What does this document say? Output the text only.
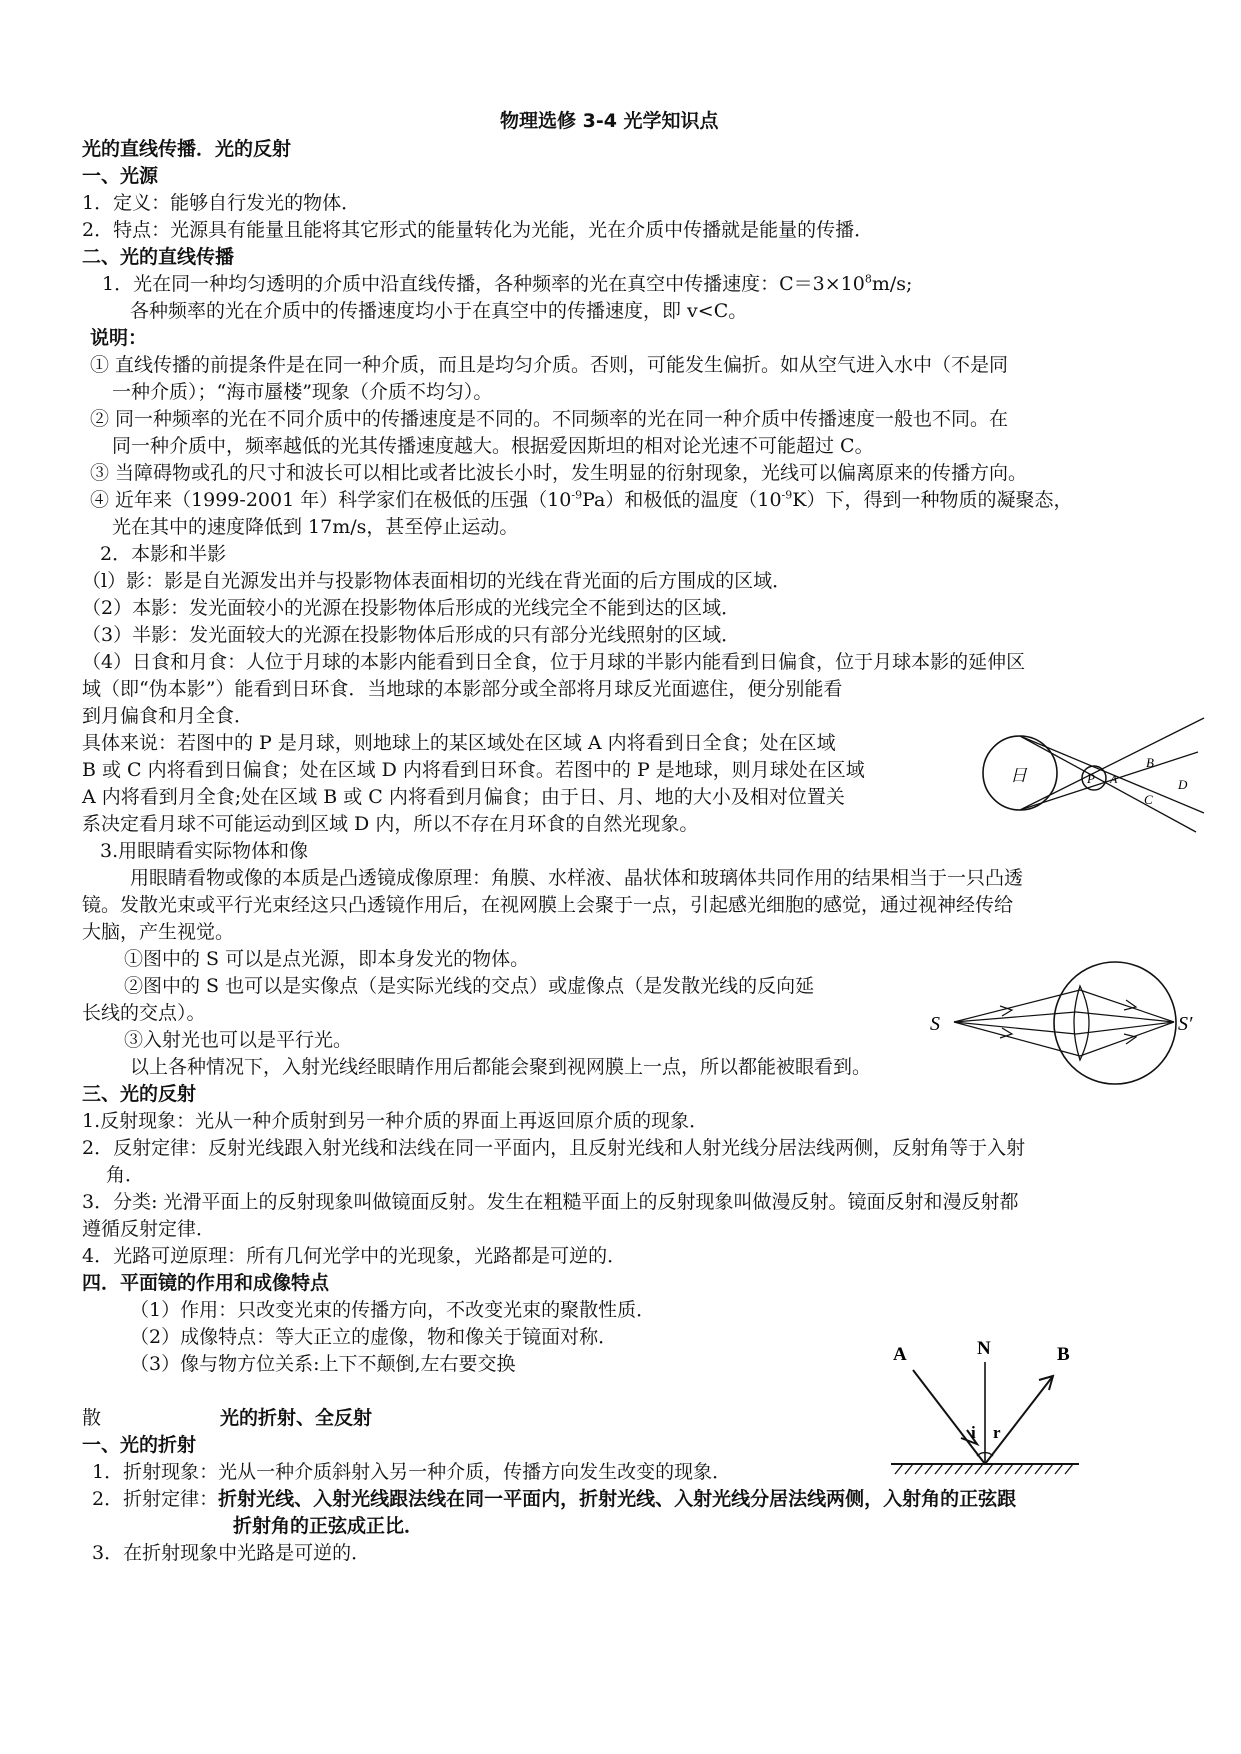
物理选修 3-4 光学知识点
光的直线传播．光的反射
一、光源
1．定义：能够自行发光的物体．
2．特点：光源具有能量且能将其它形式的能量转化为光能，光在介质中传播就是能量的传播．
二、光的直线传播
1．光在同一种均匀透明的介质中沿直线传播，各种频率的光在真空中传播速度：$C=3\times 10^8m/s$;
各种频率的光在介质中的传播速度均小于在真空中的传播速度，即 v<C。
说明：
① 直线传播的前提条件是在同一种介质，而且是均匀介质。否则，可能发生偏折。如从空气进入水中（不是同
一种介质）；“海市蜃楼”现象（介质不均匀）。
② 同一种频率的光在不同介质中的传播速度是不同的。不同频率的光在同一种介质中传播速度一般也不同。在
同一种介质中，频率越低的光其传播速度越大。根据爱因斯坦的相对论光速不可能超过 C。
③ 当障碍物或孔的尺寸和波长可以相比或者比波长小时，发生明显的衍射现象，光线可以偏离原来的传播方向。
④ 近年来（1999-2001 年）科学家们在极低的压强$(10^{-9}Pa)$和极低的温度$(10^{-9}K)$下，得到一种物质的凝聚态，
光在其中的速度降低到 17m/s，甚至停止运动。
2．本影和半影
（l）影：影是自光源发出并与投影物体表面相切的光线在背光面的后方围成的区域．
（2）本影：发光面较小的光源在投影物体后形成的光线完全不能到达的区域．
（3）半影：发光面较大的光源在投影物体后形成的只有部分光线照射的区域．
（4）日食和月食：人位于月球的本影内能看到日全食，位于月球的半影内能看到日偏食，位于月球本影的延伸区
域（即“伪本影”）能看到日环食．当地球的本影部分或全部将月球反光面遮住，便分别能看
到月偏食和月全食．
具体来说：若图中的 P 是月球，则地球上的某区域处在区域 A 内将看到日全食；处在区域
B 或 C 内将看到日偏食；处在区域 D 内将看到日环食。若图中的 P 是地球，则月球处在区域
A 内将看到月全食;处在区域 B 或 C 内将看到月偏食；由于日、月、地的大小及相对位置关
系决定看月球不可能运动到区域 D 内，所以不存在月环食的自然光现象。
3.用眼睛看实际物体和像
用眼睛看物或像的本质是凸透镜成像原理：角膜、水样液、晶状体和玻璃体共同作用的结果相当于一只凸透
镜。发散光束或平行光束经这只凸透镜作用后，在视网膜上会聚于一点，引起感光细胞的感觉，通过视神经传给
大脑，产生视觉。
①图中的 S 可以是点光源，即本身发光的物体。
②图中的 S 也可以是实像点（是实际光线的交点）或虚像点（是发散光线的反向延
长线的交点）。
③入射光也可以是平行光。
以上各种情况下，入射光线经眼睛作用后都能会聚到视网膜上一点，所以都能被眼看到。
三、光的反射
1.反射现象：光从一种介质射到另一种介质的界面上再返回原介质的现象．
2．反射定律：反射光线跟入射光线和法线在同一平面内，且反射光线和人射光线分居法线两侧，反射角等于入射
角．
3．分类: 光滑平面上的反射现象叫做镜面反射。发生在粗糙平面上的反射现象叫做漫反射。镜面反射和漫反射都
遵循反射定律．
4．光路可逆原理：所有几何光学中的光现象，光路都是可逆的．
四．平面镜的作用和成像特点
（1）作用：只改变光束的传播方向，不改变光束的聚散性质．
（2）成像特点：等大正立的虚像，物和像关于镜面对称．
（3）像与物方位关系:上下不颠倒,左右要交换
散	光的折射、全反射
一、光的折射
1．折射现象：光从一种介质斜射入另一种介质，传播方向发生改变的现象．
2．折射定律：折射光线、入射光线跟法线在同一平面内，折射光线、入射光线分居法线两侧，入射角的正弦跟
折射角的正弦成正比．
3．在折射现象中光路是可逆的．
日	P A
B
C
D
S	S′
A	N	B
i r
